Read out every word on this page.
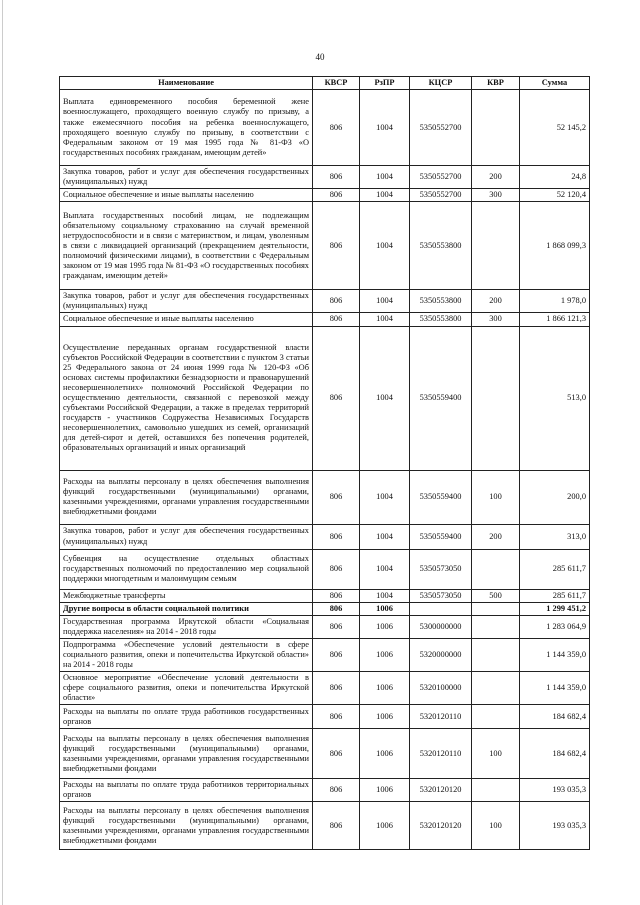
40
Наименование	КВСР	РзПР	КЦСР	КВР	Сумма
Выплата единовременного пособия беременной жене военнослужащего, проходящего военную службу по призыву, а также ежемесячного пособия на ребенка военнослужащего, проходящего военную службу по призыву, в соответствии с Федеральным законом от 19 мая 1995 года № 81-ФЗ «О государственных пособиях гражданам, имеющим детей»	806	1004	5350552700		52 145,2
Закупка товаров, работ и услуг для обеспечения государственных (муниципальных) нужд	806	1004	5350552700	200	24,8
Социальное обеспечение и иные выплаты населению	806	1004	5350552700	300	52 120,4
Выплата государственных пособий лицам, не подлежащим обязательному социальному страхованию на случай временной нетрудоспособности и в связи с материнством, и лицам, уволенным в связи с ликвидацией организаций (прекращением деятельности, полномочий физическими лицами), в соответствии с Федеральным законом от 19 мая 1995 года № 81-ФЗ «О государственных пособиях гражданам, имеющим детей»	806	1004	5350553800		1 868 099,3
Закупка товаров, работ и услуг для обеспечения государственных (муниципальных) нужд	806	1004	5350553800	200	1 978,0
Социальное обеспечение и иные выплаты населению	806	1004	5350553800	300	1 866 121,3
Осуществление переданных органам государственной власти субъектов Российской Федерации в соответствии с пунктом 3 статьи 25 Федерального закона от 24 июня 1999 года № 120-ФЗ «Об основах системы профилактики безнадзорности и правонарушений несовершеннолетних» полномочий Российской Федерации по осуществлению деятельности, связанной с перевозкой между субъектами Российской Федерации, а также в пределах территорий государств - участников Содружества Независимых Государств несовершеннолетних, самовольно ушедших из семей, организаций для детей-сирот и детей, оставшихся без попечения родителей, образовательных организаций и иных организаций	806	1004	5350559400		513,0
Расходы на выплаты персоналу в целях обеспечения выполнения функций государственными (муниципальными) органами, казенными учреждениями, органами управления государственными внебюджетными фондами	806	1004	5350559400	100	200,0
Закупка товаров, работ и услуг для обеспечения государственных (муниципальных) нужд	806	1004	5350559400	200	313,0
Субвенция на осуществление отдельных областных государственных полномочий по предоставлению мер социальной поддержки многодетным и малоимущим семьям	806	1004	5350573050		285 611,7
Межбюджетные трансферты	806	1004	5350573050	500	285 611,7
Другие вопросы в области социальной политики	806	1006			1 299 451,2
Государственная программа Иркутской области «Социальная поддержка населения» на 2014 - 2018 годы	806	1006	5300000000		1 283 064,9
Подпрограмма «Обеспечение условий деятельности в сфере социального развития, опеки и попечительства Иркутской области» на 2014 - 2018 годы	806	1006	5320000000		1 144 359,0
Основное мероприятие «Обеспечение условий деятельности в сфере социального развития, опеки и попечительства Иркутской области»	806	1006	5320100000		1 144 359,0
Расходы на выплаты по оплате труда работников государственных органов	806	1006	5320120110		184 682,4
Расходы на выплаты персоналу в целях обеспечения выполнения функций государственными (муниципальными) органами, казенными учреждениями, органами управления государственными внебюджетными фондами	806	1006	5320120110	100	184 682,4
Расходы на выплаты по оплате труда работников территориальных органов	806	1006	5320120120		193 035,3
Расходы на выплаты персоналу в целях обеспечения выполнения функций государственными (муниципальными) органами, казенными учреждениями, органами управления государственными внебюджетными фондами	806	1006	5320120120	100	193 035,3
